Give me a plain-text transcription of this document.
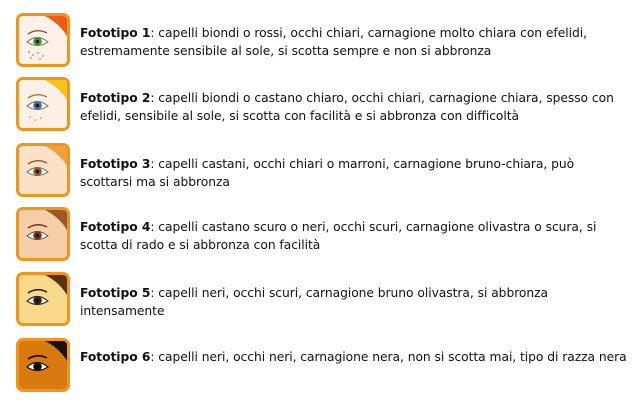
Fototipo 1: capelli biondi o rossi, occhi chiari, carnagione molto chiara con efelidi,
estremamente sensibile al sole, si scotta sempre e non si abbronza
Fototipo 2: capelli biondi o castano chiaro, occhi chiari, carnagione chiara, spesso con
efelidi, sensibile al sole, si scotta con facilità e si abbronza con difficoltà
Fototipo 3: capelli castani, occhi chiari o marroni, carnagione bruno-chiara, può
scottarsi ma si abbronza
Fototipo 4: capelli castano scuro o neri, occhi scuri, carnagione olivastra o scura, si
scotta di rado e si abbronza con facilità
Fototipo 5: capelli neri, occhi scuri, carnagione bruno olivastra, si abbronza
intensamente
Fototipo 6: capelli neri, occhi neri, carnagione nera, non si scotta mai, tipo di razza nera
